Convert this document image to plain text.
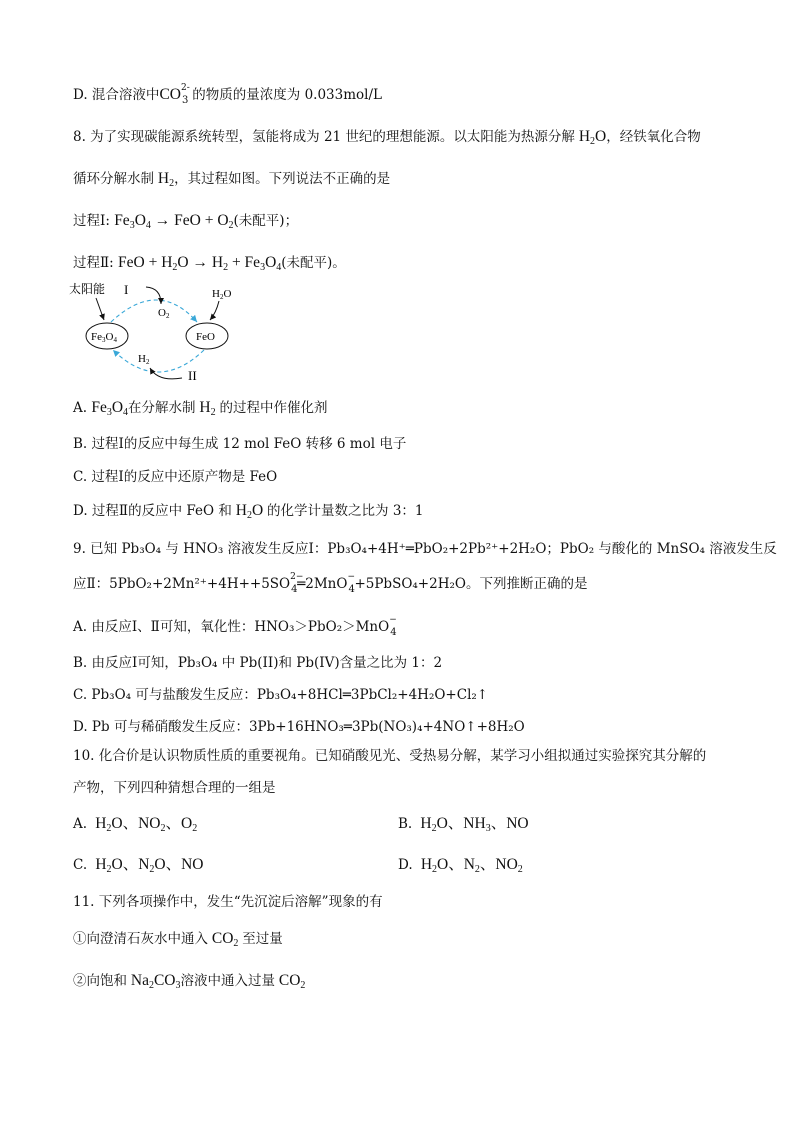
D. 混合溶液中CO 2-
3 的物质的量浓度为 0.033mol/L
8. 为了实现碳能源系统转型，氢能将成为 21 世纪的理想能源。以太阳能为热源分解 $H_2O$，经铁氧化合物
循环分解水制 $H_2$，其过程如图。下列说法不正确的是
过程Ⅰ: $Fe_3O_4$ → FeO + $O_2$(未配平)；
过程Ⅱ: FeO + $H_2O \to H_2 + Fe_3O_4$(未配平)。
太阳能
Fe3O4	FeO
I
O2
H2O
II
H2
A. $Fe_3O_4$在分解水制 $H_2$ 的过程中作催化剂
B. 过程Ⅰ的反应中每生成 12 mol FeO 转移 6 mol 电子
C. 过程Ⅰ的反应中还原产物是 FeO
D. 过程Ⅱ的反应中 FeO 和 $H_2O$ 的化学计量数之比为 3：1
9. 已知 Pb₃O₄ 与 HNO₃ 溶液发生反应Ⅰ：Pb₃O₄+4H⁺═PbO₂+2Pb²⁺+2H₂O；PbO₂ 与酸化的 MnSO₄ 溶液发生反
应Ⅱ：5PbO₂+2Mn²⁺+4H++5SO 2−
4 ═2MnO −
4 +5PbSO₄+2H₂O。下列推断正确的是
A. 由反应Ⅰ、Ⅱ可知，氧化性：HNO₃＞PbO₂＞MnO −
4
B. 由反应Ⅰ可知，Pb₃O₄ 中 Pb(II)和 Pb(IV)含量之比为 1：2
C. Pb₃O₄ 可与盐酸发生反应：Pb₃O₄+8HCl═3PbCl₂+4H₂O+Cl₂↑
D. Pb 可与稀硝酸发生反应：3Pb+16HNO₃═3Pb(NO₃)₄+4NO↑+8H₂O
10. 化合价是认识物质性质的重要视角。已知硝酸见光、受热易分解，某学习小组拟通过实验探究其分解的
产物，下列四种猜想合理的一组是
A.  $H_2O$、$NO_2$、$O_2$	B.  $H_2O$、$NH_3$、NO
C.  $H_2O$、$N_2O$、NO	D.  $H_2O$、$N_2$、$NO_2$
11. 下列各项操作中，发生“先沉淀后溶解”现象的有
①向澄清石灰水中通入 $CO_2$ 至过量
②向饱和 $Na_2CO_3$溶液中通入过量 $CO_2$
